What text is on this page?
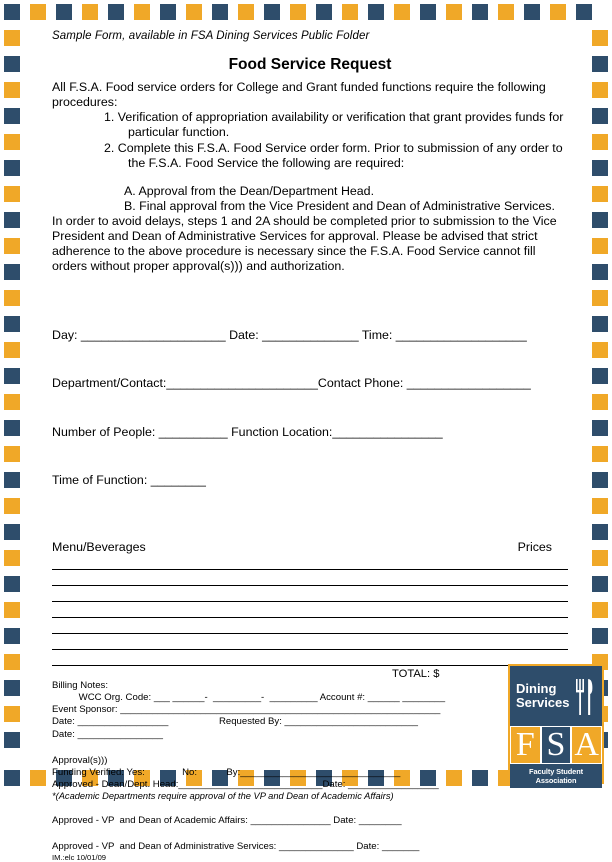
Sample Form, available in FSA Dining Services Public Folder
Food Service Request

All F.S.A. Food service orders for College and Grant funded functions require the following procedures:

1. Verification of appropriation availability or verification that grant provides funds for particular function.

2. Complete this F.S.A. Food Service order form. Prior to submission of any order to the F.S.A. Food Service the following are required:

A. Approval from the Dean/Department Head.

B. Final approval from the Vice President and Dean of Administrative Services.

In order to avoid delays, steps 1 and 2A should be completed prior to submission to the Vice President and Dean of Administrative Services for approval. Please be advised that strict adherence to the above procedure is necessary since the F.S.A. Food Service cannot fill orders without proper approval(s))) and authorization.

Day: _____________________ Date: ______________ Time: ___________________

Department/Contact:______________________Contact Phone: __________________

Number of People: __________ Function Location:________________

Time of Function: ________

Menu/Beverages	Prices
TOTAL: $
Billing Notes:
WCC Org. Code: ___ ______-  _________-  _________ Account #: ______ ________
Event Sponsor: ____________________________________________________________
Date: _________________                   Requested By: _________________________
Date: ________________
Approval(s)))
Funding Verified: Yes:              No:           By:______________________________
Approved - Dean/Dept. Head:___________________________Date: _________________
*(Academic Departments require approval of the VP and Dean of Academic Affairs)
Approved - VP  and Dean of Academic Affairs: _______________ Date: ________
Approved - VP  and Dean of Administrative Services: ______________ Date: _______
IM.:elc 10/01/09
Dining
Services
F S A
Faculty Student Association
